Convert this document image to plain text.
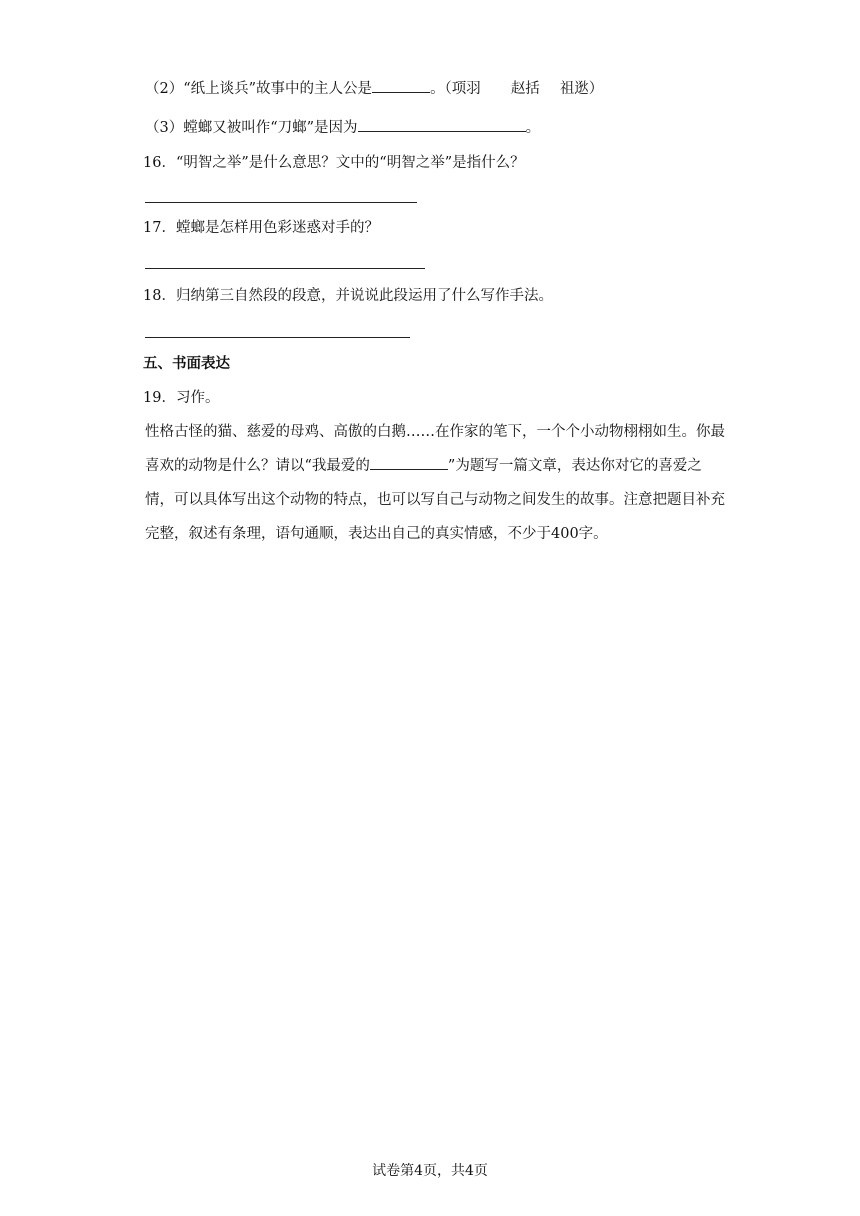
（2）“纸上谈兵”故事中的主人公是	。（项羽 赵括 祖逖）
（3）螳螂又被叫作“刀螂”是因为	。
16．“明智之举”是什么意思？文中的“明智之举”是指什么？
17．螳螂是怎样用色彩迷惑对手的？
18．归纳第三自然段的段意，并说说此段运用了什么写作手法。
五、书面表达
19．习作。
性格古怪的猫、慈爱的母鸡、高傲的白鹅……在作家的笔下，一个个小动物栩栩如生。你最喜欢的动物是什么？请以“我最爱的	”为题写一篇文章，表达你对它的喜爱之情，可以具体写出这个动物的特点，也可以写自己与动物之间发生的故事。注意把题目补充完整，叙述有条理，语句通顺，表达出自己的真实情感，不少于400字。
试卷第4页，共4页
